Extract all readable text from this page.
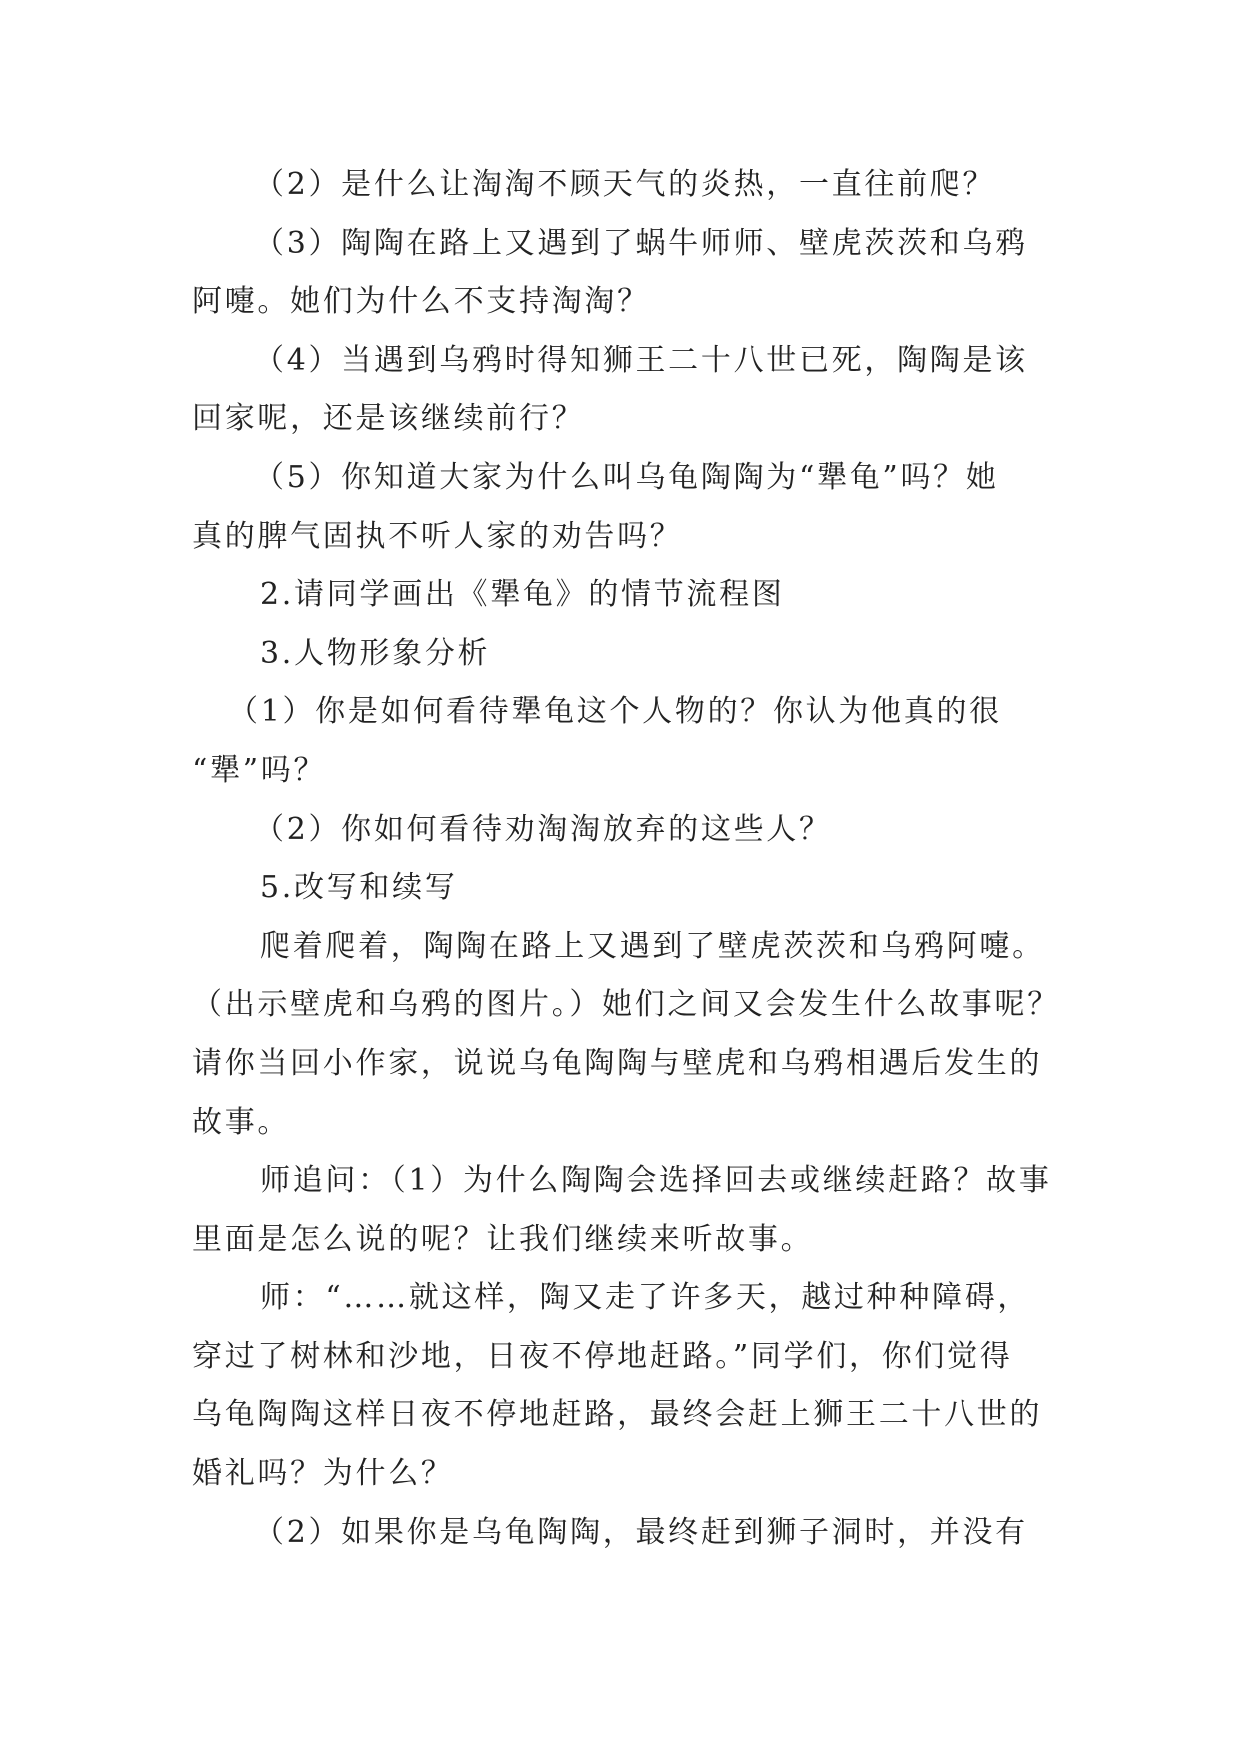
（2）是什么让淘淘不顾天气的炎热，一直往前爬？

（3）陶陶在路上又遇到了蜗牛师师、壁虎茨茨和乌鸦

阿嚏。她们为什么不支持淘淘？

（4）当遇到乌鸦时得知狮王二十八世已死，陶陶是该

回家呢，还是该继续前行？

（5）你知道大家为什么叫乌龟陶陶为“犟龟”吗？她

真的脾气固执不听人家的劝告吗？

2.请同学画出《犟龟》的情节流程图

3.人物形象分析

（1）你是如何看待犟龟这个人物的？你认为他真的很

“犟”吗？

（2）你如何看待劝淘淘放弃的这些人？

5.改写和续写

爬着爬着，陶陶在路上又遇到了壁虎茨茨和乌鸦阿嚏。

（出示壁虎和乌鸦的图片。）她们之间又会发生什么故事呢？

请你当回小作家，说说乌龟陶陶与壁虎和乌鸦相遇后发生的

故事。

师追问：（1）为什么陶陶会选择回去或继续赶路？故事

里面是怎么说的呢？让我们继续来听故事。

师：“……就这样，陶又走了许多天，越过种种障碍，

穿过了树林和沙地，日夜不停地赶路。”同学们，你们觉得

乌龟陶陶这样日夜不停地赶路，最终会赶上狮王二十八世的

婚礼吗？为什么？

（2）如果你是乌龟陶陶，最终赶到狮子洞时，并没有
